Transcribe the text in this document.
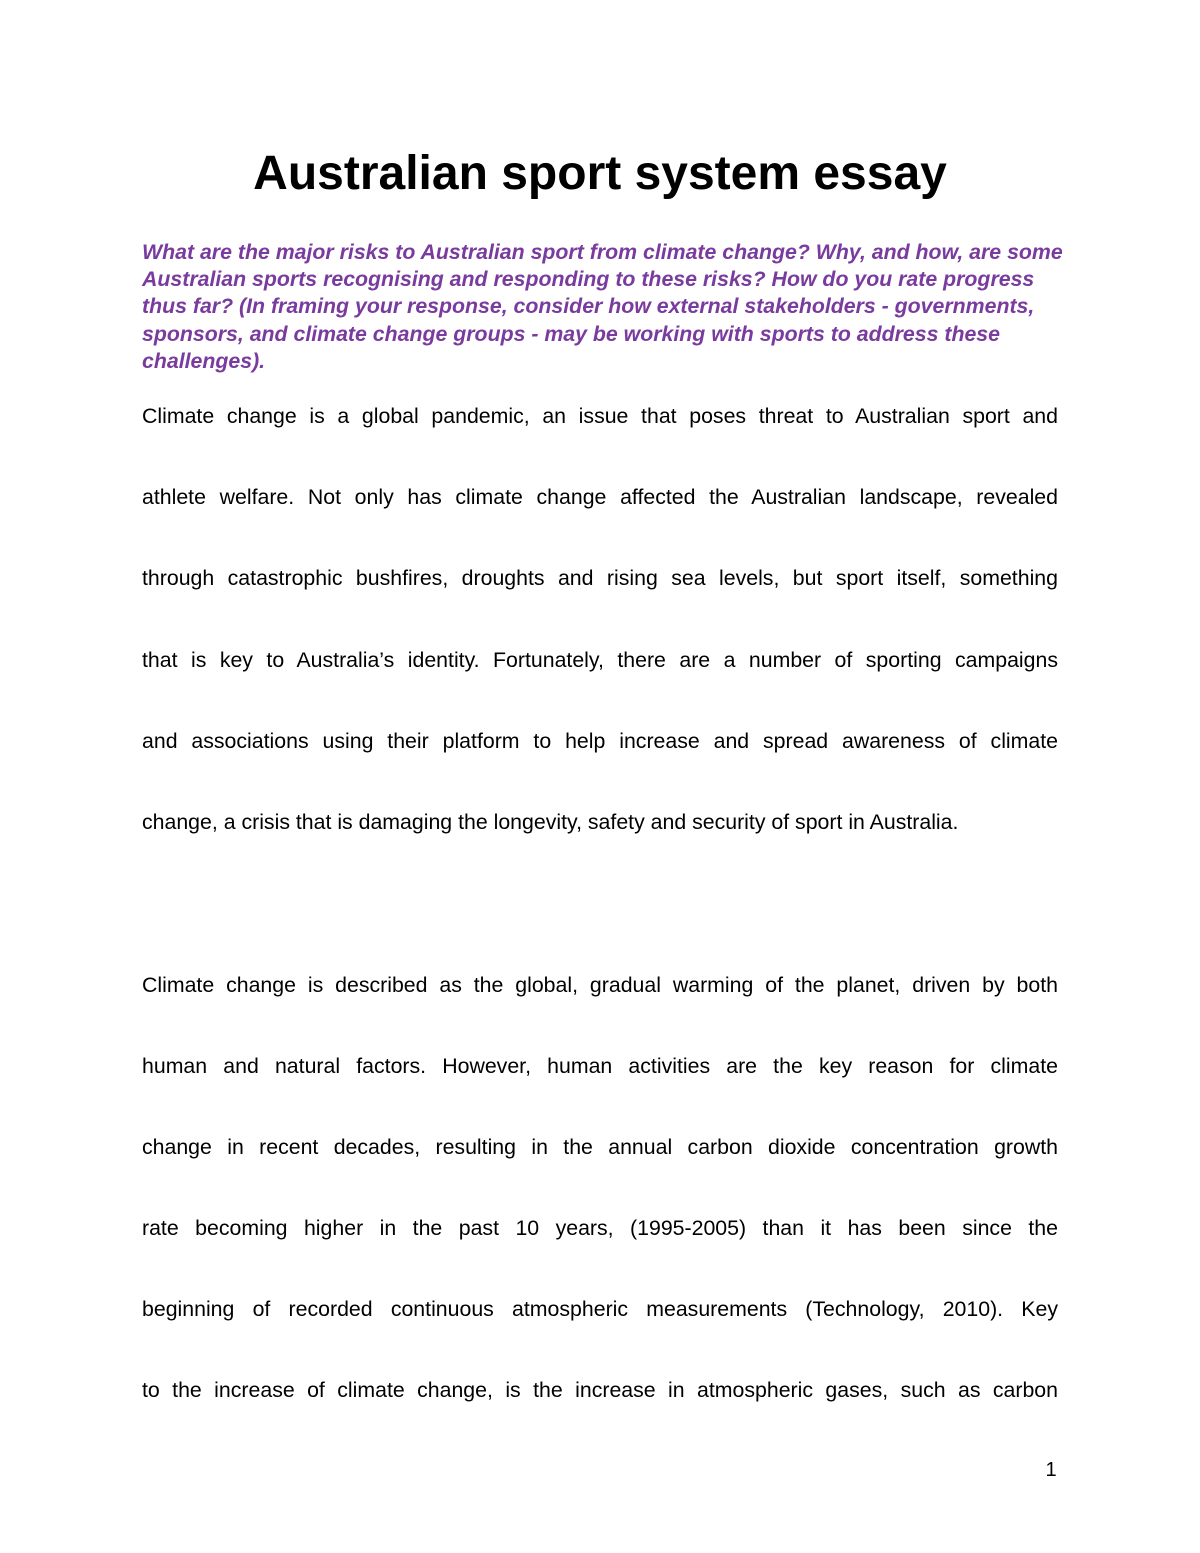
Australian sport system essay

What are the major risks to Australian sport from climate change? Why, and how, are some Australian sports recognising and responding to these risks? How do you rate progress thus far? (In framing your response, consider how external stakeholders - governments, sponsors, and climate change groups - may be working with sports to address these challenges).

Climate change is a global pandemic, an issue that poses threat to Australian sport and

athlete welfare. Not only has climate change affected the Australian landscape, revealed

through catastrophic bushfires, droughts and rising sea levels, but sport itself, something

that is key to Australia’s identity. Fortunately, there are a number of sporting campaigns

and associations using their platform to help increase and spread awareness of climate

change, a crisis that is damaging the longevity, safety and security of sport in Australia.

Climate change is described as the global, gradual warming of the planet, driven by both

human and natural factors. However, human activities are the key reason for climate

change in recent decades, resulting in the annual carbon dioxide concentration growth

rate becoming higher in the past 10 years, (1995-2005) than it has been since the

beginning of recorded continuous atmospheric measurements (Technology, 2010). Key

to the increase of climate change, is the increase in atmospheric gases, such as carbon

1
